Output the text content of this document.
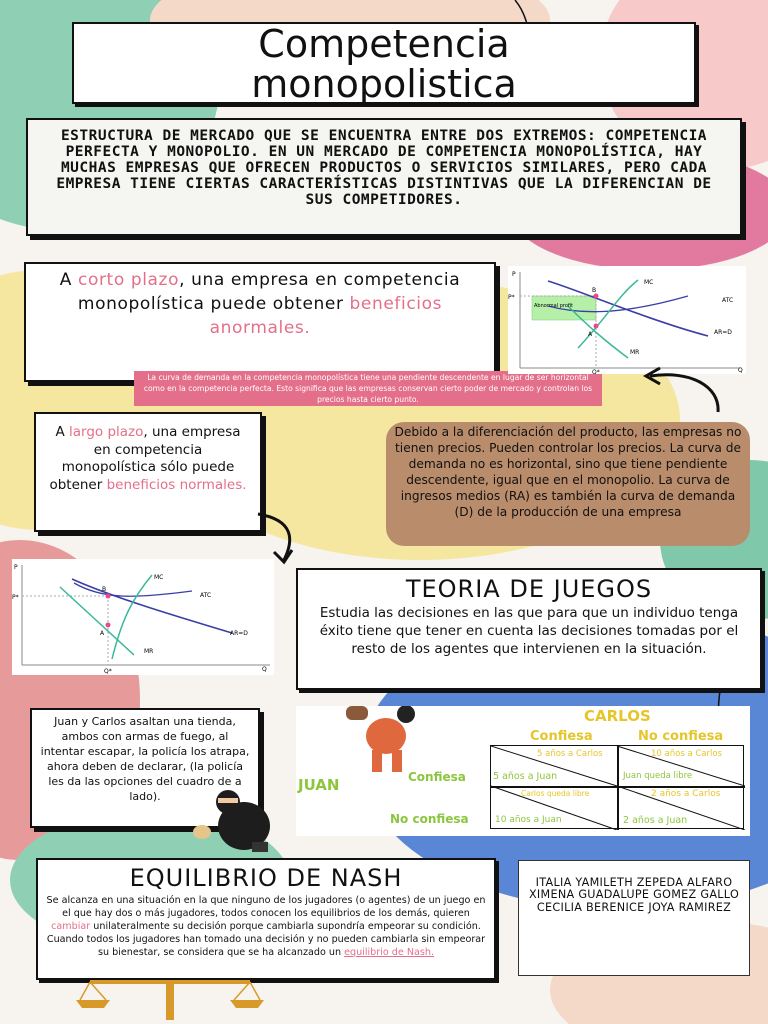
Competencia
monopolistica
ESTRUCTURA DE MERCADO QUE SE ENCUENTRA ENTRE DOS EXTREMOS: COMPETENCIA PERFECTA Y MONOPOLIO. EN UN MERCADO DE COMPETENCIA MONOPOLÍSTICA, HAY MUCHAS EMPRESAS QUE OFRECEN PRODUCTOS O SERVICIOS SIMILARES, PERO CADA EMPRESA TIENE CIERTAS CARACTERÍSTICAS DISTINTIVAS QUE LA DIFERENCIAN DE SUS COMPETIDORES.
A corto plazo, una empresa en competencia monopolística puede obtener beneficios anormales.
La curva de demanda en la competencia monopolística tiene una pendiente descendente en lugar de ser horizontal como en la competencia perfecta. Esto significa que las empresas conservan cierto poder de mercado y controlan los precios hasta cierto punto.
P
P*
Q
Q*
MC
ATC
AR=D
MR
B
A
Abnormal profit
A largo plazo, una empresa en competencia monopolística sólo puede obtener beneficios normales.
Debido a la diferenciación del producto, las empresas no tienen precios. Pueden controlar los precios. La curva de demanda no es horizontal, sino que tiene pendiente descendente, igual que en el monopolio. La curva de ingresos medios (RA) es también la curva de demanda (D) de la producción de una empresa
P
P*
Q
Q*
MC
ATC
AR=D
MR
B
A
TEORIA DE JUEGOS
Estudia las decisiones en las que para que un individuo tenga éxito tiene que tener en cuenta las decisiones tomadas por el resto de los agentes que intervienen en la situación.
Juan y Carlos asaltan una tienda, ambos con armas de fuego, al intentar escapar, la policía los atrapa, ahora deben de declarar, (la policía les da las opciones del cuadro de a lado).
CARLOS
JUAN
Confiesa	No confiesa
Confiesa
No confiesa
5 años a Carlos
5 años a Juan
10 años a Carlos
Juan queda libre
Carlos queda libre
10 años a Juan
2 años a Carlos
2 años a Juan
EQUILIBRIO DE NASH
Se alcanza en una situación en la que ninguno de los jugadores (o agentes) de un juego en el que hay dos o más jugadores, todos conocen los equilibrios de los demás, quieren cambiar unilateralmente su decisión porque cambiarla supondría empeorar su condición. Cuando todos los jugadores han tomado una decisión y no pueden cambiarla sin empeorar su bienestar, se considera que se ha alcanzado un equilibrio de Nash.
ITALIA YAMILETH ZEPEDA ALFARO
XIMENA GUADALUPE GOMEZ GALLO
CECILIA BERENICE JOYA RAMIREZ
